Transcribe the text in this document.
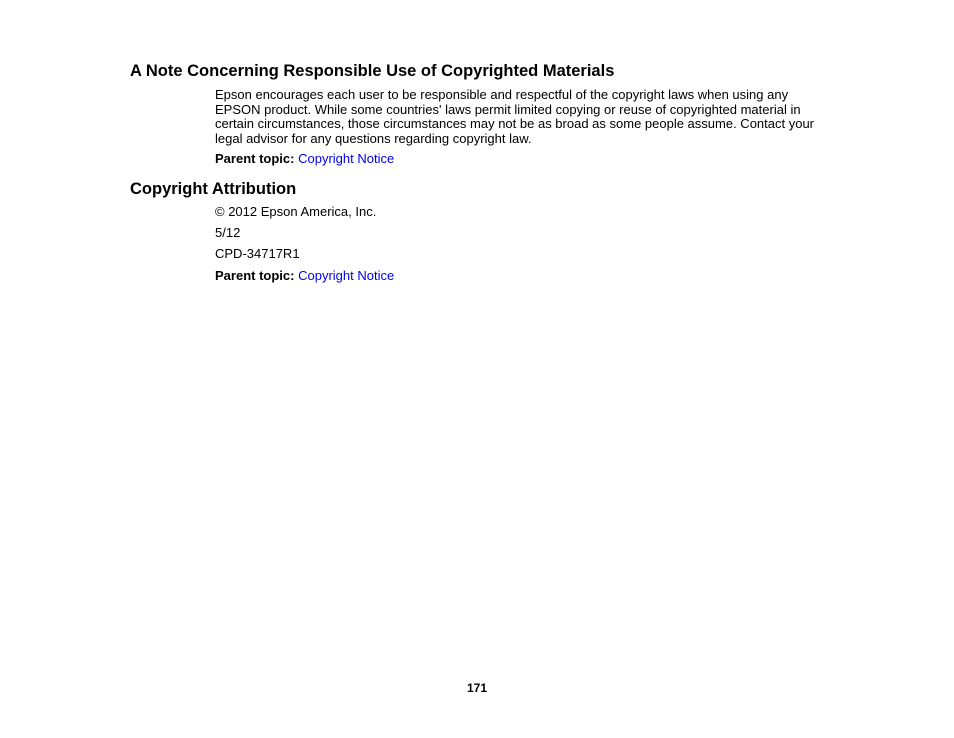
A Note Concerning Responsible Use of Copyrighted Materials

Epson encourages each user to be responsible and respectful of the copyright laws when using any
EPSON product. While some countries' laws permit limited copying or reuse of copyrighted material in
certain circumstances, those circumstances may not be as broad as some people assume. Contact your
legal advisor for any questions regarding copyright law.

Parent topic: Copyright Notice

Copyright Attribution

© 2012 Epson America, Inc.

5/12

CPD-34717R1

Parent topic: Copyright Notice

171
